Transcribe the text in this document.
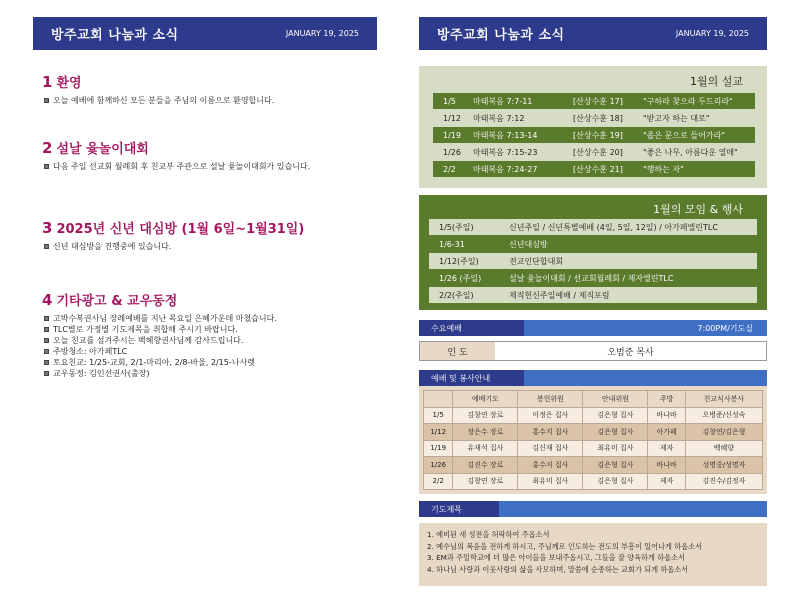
방주교회 나눔과 소식	JANUARY 19, 2025
1 환영
오늘 예배에 함께하신 모든 분들을 주님의 이름으로 환영합니다.
2 설날 윷놀이대회
다음 주일 선교회 월례회 후 친교부 주관으로 설날 윷놀이대회가 있습니다.
3 2025년 신년 대심방 (1월 6일~1월31일)
신년 대심방을 진행중에 있습니다.
4 기타광고 & 교우동정
고박수복권사님 장례예배를 지난 목요일 은혜가운데 마쳤습니다.
TLC별로 가정별 기도제목을 취합해 주시기 바랍니다.
오늘 친교를 섬겨주시는 백혜향권사님께 감사드립니다.
주방청소: 아가페TLC
토요친교: 1/25-교회, 2/1-마리아, 2/8-바울, 2/15-나사렛
교우동정: 김인선권사(출장)
방주교회 나눔과 소식	JANUARY 19, 2025
1월의 설교
1/5	마태복음 7:7-11	[산상수훈 17]	"구하라 찾으라 두드리라"
1/12	마태복음 7:12	[산상수훈 18]	"받고자 하는 대로"
1/19	마태복음 7:13-14	[산상수훈 19]	"좁은 문으로 들어가라"
1/26	마태복음 7:15-23	[산상수훈 20]	"좋은 나무, 아름다운 열매"
2/2	마태복음 7:24-27	[산상수훈 21]	"행하는 자"
1월의 모임 & 행사
1/5(주일)	신년주일 / 신년특별예배 (4일, 5일, 12일) / 아가페엘린TLC
1/6-31	신년대심방
1/12(주일)	전교인단합대회
1/26 (주일)	설날 윷놀이대회 / 선교회월례회 / 제자엘린TLC
2/2(주일)	제직헌신주일예배 / 제직포럼
수요예배	7:00PM/기도실
인 도	오범준 목사
예배 및 봉사안내
	예배기도	봉헌위원	안내위원	주방	친교식사봉사
1/5	김창연 장로	이정은 집사	김은형 집사	바나바	오병준/신성숙
1/12	장은수 장로	홍수지 집사	김은형 집사	아가페	김창연/김은형
1/19	유재석 집사	김신재 집사	최유미 집사	제자	백혜향
1/26	김진수 장로	홍수지 집사	김은형 집사	바나바	성명중/성명자
2/2	김창연 장로	최유미 집사	김은형 집사	제자	김진수/김정자
기도제목
1. 예비된 새 성전을 허락하여 주옵소서
2. 예수님의 복음을 전하게 하시고, 주님께로 인도하는 전도의 부흥이 일어나게 하옵소서
3. EM과 주일학교에 더 많은 아이들을 보내주옵시고, 그들을 잘 양육하게 하옵소서
4. 하나님 사랑과 이웃사랑의 삶을 사모하며, 말씀에 순종하는 교회가 되게 하옵소서
